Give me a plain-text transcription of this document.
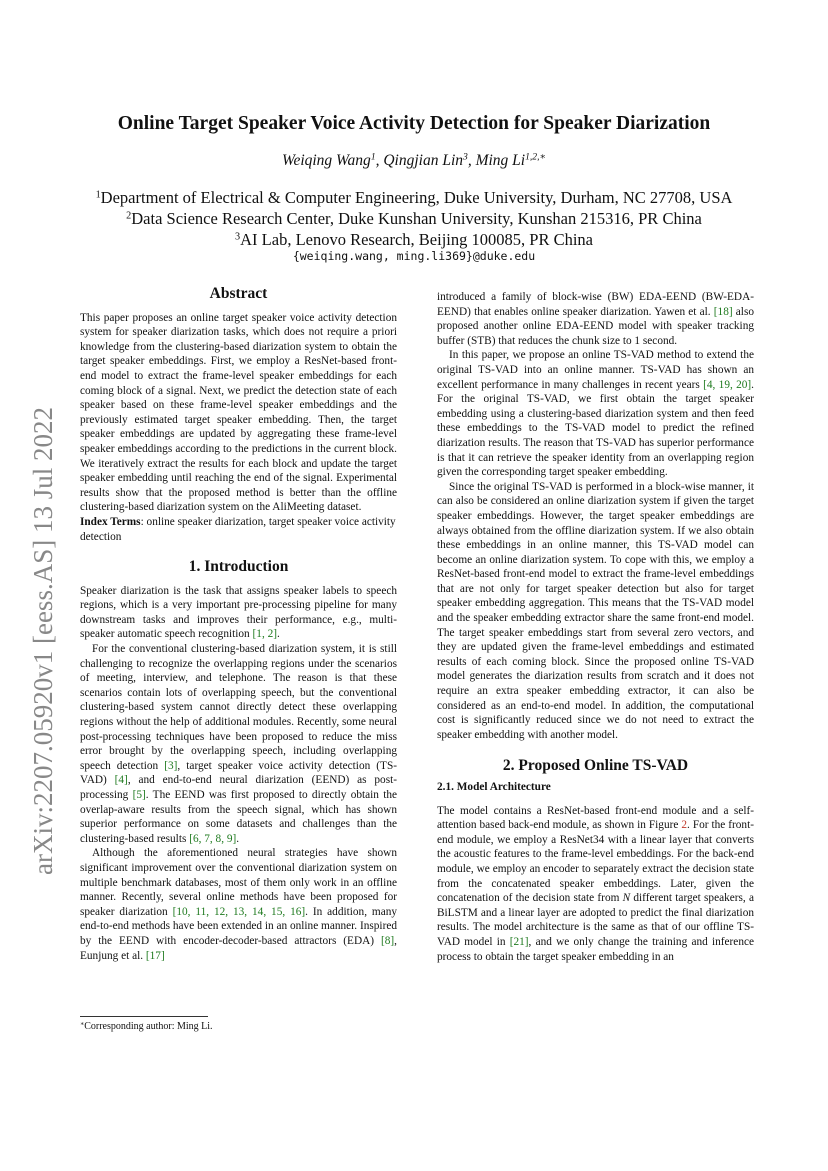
arXiv:2207.05920v1 [eess.AS] 13 Jul 2022
Online Target Speaker Voice Activity Detection for Speaker Diarization
Weiqing Wang$^1$, Qingjian Lin$^3$, Ming $Li^{1,2,∗}$
$^1$Department of Electrical & Computer Engineering, Duke University, Durham, NC 27708, USA
$^2$Data Science Research Center, Duke Kunshan University, Kunshan 215316, PR China
$^3$AI Lab, Lenovo Research, Beijing 100085, PR China
{weiqing.wang, ming.li369}@duke.edu
Abstract

This paper proposes an online target speaker voice activity detection system for speaker diarization tasks, which does not require a priori knowledge from the clustering-based diarization system to obtain the target speaker embeddings. First, we employ a ResNet-based front-end model to extract the frame-level speaker embeddings for each coming block of a signal. Next, we predict the detection state of each speaker based on these frame-level speaker embeddings and the previously estimated target speaker embedding. Then, the target speaker embeddings are updated by aggregating these frame-level speaker embeddings according to the predictions in the current block. We iteratively extract the results for each block and update the target speaker embedding until reaching the end of the signal. Experimental results show that the proposed method is better than the offline clustering-based diarization system on the AliMeeting dataset.

Index Terms: online speaker diarization, target speaker voice activity detection

1. Introduction

Speaker diarization is the task that assigns speaker labels to speech regions, which is a very important pre-processing pipeline for many downstream tasks and improves their performance, e.g., multi-speaker automatic speech recognition [1, 2].

For the conventional clustering-based diarization system, it is still challenging to recognize the overlapping regions under the scenarios of meeting, interview, and telephone. The reason is that these scenarios contain lots of overlapping speech, but the conventional clustering-based system cannot directly detect these overlapping regions without the help of additional modules. Recently, some neural post-processing techniques have been proposed to reduce the miss error brought by the overlapping speech, including overlapping speech detection [3], target speaker voice activity detection (TS-VAD) [4], and end-to-end neural diarization (EEND) as post-processing [5]. The EEND was first proposed to directly obtain the overlap-aware results from the speech signal, which has shown superior performance on some datasets and challenges than the clustering-based results [6, 7, 8, 9].

Although the aforementioned neural strategies have shown significant improvement over the conventional diarization system on multiple benchmark databases, most of them only work in an offline manner. Recently, several online methods have been proposed for speaker diarization [10, 11, 12, 13, 14, 15, 16]. In addition, many end-to-end methods have been extended in an online manner. Inspired by the EEND with encoder-decoder-based attractors (EDA) [8], Eunjung et al. [17]

∗Corresponding author: Ming Li.

introduced a family of block-wise (BW) EDA-EEND (BW-EDA-EEND) that enables online speaker diarization. Yawen et al. [18] also proposed another online EDA-EEND model with speaker tracking buffer (STB) that reduces the chunk size to 1 second.

In this paper, we propose an online TS-VAD method to extend the original TS-VAD into an online manner. TS-VAD has shown an excellent performance in many challenges in recent years [4, 19, 20]. For the original TS-VAD, we first obtain the target speaker embedding using a clustering-based diarization system and then feed these embeddings to the TS-VAD model to predict the refined diarization results. The reason that TS-VAD has superior performance is that it can retrieve the speaker identity from an overlapping region given the corresponding target speaker embedding.

Since the original TS-VAD is performed in a block-wise manner, it can also be considered an online diarization system if given the target speaker embeddings. However, the target speaker embeddings are always obtained from the offline diarization system. If we also obtain these embeddings in an online manner, this TS-VAD model can become an online diarization system. To cope with this, we employ a ResNet-based front-end model to extract the frame-level embeddings that are not only for target speaker detection but also for target speaker embedding aggregation. This means that the TS-VAD model and the speaker embedding extractor share the same front-end model. The target speaker embeddings start from several zero vectors, and they are updated given the frame-level embeddings and estimated results of each coming block. Since the proposed online TS-VAD model generates the diarization results from scratch and it does not require an extra speaker embedding extractor, it can also be considered as an end-to-end model. In addition, the computational cost is significantly reduced since we do not need to extract the speaker embedding with another model.

2. Proposed Online TS-VAD
2.1. Model Architecture

The model contains a ResNet-based front-end module and a self-attention based back-end module, as shown in Figure 2. For the front-end module, we employ a ResNet34 with a linear layer that converts the acoustic features to the frame-level embeddings. For the back-end module, we employ an encoder to separately extract the decision state from the concatenated speaker embeddings. Later, given the concatenation of the decision state from N different target speakers, a BiLSTM and a linear layer are adopted to predict the final diarization results. The model architecture is the same as that of our offline TS-VAD model in [21], and we only change the training and inference process to obtain the target speaker embedding in an
